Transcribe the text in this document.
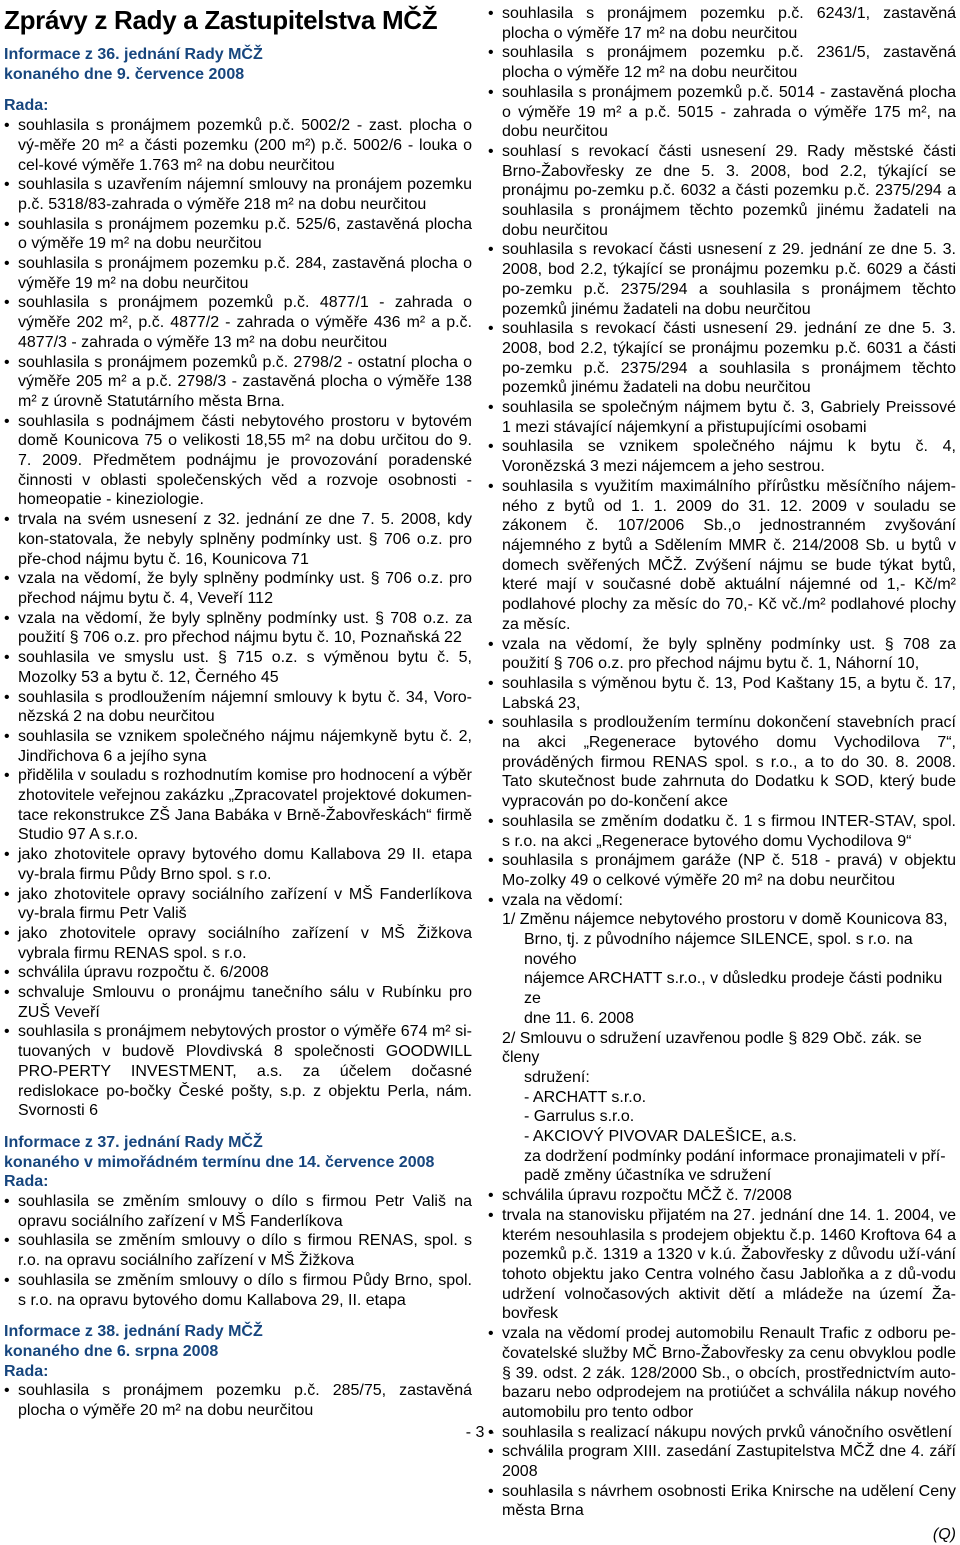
Zprávy z Rady a Zastupitelstva MČŽ
Informace z 36. jednání Rady MČŽ
konaného dne 9. července 2008
Rada:
• souhlasila s pronájmem pozemků p.č. 5002/2 - zast. plocha o vý-měře 20 m² a části pozemku (200 m²) p.č. 5002/6 - louka o cel-kové výměře 1.763 m² na dobu neurčitou
• souhlasila s uzavřením nájemní smlouvy na pronájem pozemku p.č. 5318/83-zahrada o výměře 218 m² na dobu neurčitou
• souhlasila s pronájmem pozemku p.č. 525/6, zastavěná plocha o výměře 19 m² na dobu neurčitou
• souhlasila s pronájmem pozemku p.č. 284, zastavěná plocha o výměře 19 m² na dobu neurčitou
• souhlasila s pronájmem pozemků p.č. 4877/1 - zahrada o výměře 202 m², p.č. 4877/2 - zahrada o výměře 436 m² a p.č. 4877/3 - zahrada o výměře 13 m² na dobu neurčitou
• souhlasila s pronájmem pozemků p.č. 2798/2 - ostatní plocha o výměře 205 m² a p.č. 2798/3 - zastavěná plocha o výměře 138 m² z úrovně Statutárního města Brna.
• souhlasila s podnájmem části nebytového prostoru v bytovém domě Kounicova 75 o velikosti 18,55 m² na dobu určitou do 9. 7. 2009. Předmětem podnájmu je provozování poradenské činnosti v oblasti společenských věd a rozvoje osobnosti - homeopatie - kineziologie.
• trvala na svém usnesení z 32. jednání ze dne 7. 5. 2008, kdy kon-statovala, že nebyly splněny podmínky ust. § 706 o.z. pro pře-chod nájmu bytu č. 16, Kounicova 71
• vzala na vědomí, že byly splněny podmínky ust. § 706 o.z. pro přechod nájmu bytu č. 4, Veveří 112
• vzala na vědomí, že byly splněny podmínky ust. § 708 o.z. za použití § 706 o.z. pro přechod nájmu bytu č. 10, Poznaňská 22
• souhlasila ve smyslu ust. § 715 o.z. s výměnou bytu č. 5, Mozolky 53 a bytu č. 12, Černého 45
• souhlasila s prodloužením nájemní smlouvy k bytu č. 34, Voro-nězská 2 na dobu neurčitou
• souhlasila se vznikem společného nájmu nájemkyně bytu č. 2, Jindřichova 6 a jejího syna
• přidělila v souladu s rozhodnutím komise pro hodnocení a výběr zhotovitele veřejnou zakázku „Zpracovatel projektové dokumen-tace rekonstrukce ZŠ Jana Babáka v Brně-Žabovřeskách“ firmě Studio 97 A s.r.o.
• jako zhotovitele opravy bytového domu Kallabova 29 II. etapa vy-brala firmu Půdy Brno spol. s r.o.
• jako zhotovitele opravy sociálního zařízení v MŠ Fanderlíkova vy-brala firmu Petr Vališ
• jako zhotovitele opravy sociálního zařízení v MŠ Žižkova vybrala firmu RENAS spol. s r.o.
• schválila úpravu rozpočtu č. 6/2008
• schvaluje Smlouvu o pronájmu tanečního sálu v Rubínku pro ZUŠ Veveří
• souhlasila s pronájmem nebytových prostor o výměře 674 m² si-tuovaných v budově Plovdivská 8 společnosti GOODWILL PRO-PERTY INVESTMENT, a.s. za účelem dočasné redislokace po-bočky České pošty, s.p. z objektu Perla, nám. Svornosti 6
Informace z 37. jednání Rady MČŽ
konaného v mimořádném termínu dne 14. července 2008
Rada:
• souhlasila se změním smlouvy o dílo s firmou Petr Vališ na opravu sociálního zařízení v MŠ Fanderlíkova
• souhlasila se změním smlouvy o dílo s firmou RENAS, spol. s r.o. na opravu sociálního zařízení v MŠ Žižkova
• souhlasila se změním smlouvy o dílo s firmou Půdy Brno, spol. s r.o. na opravu bytového domu Kallabova 29, II. etapa
Informace z 38. jednání Rady MČŽ
konaného dne 6. srpna 2008
Rada:
• souhlasila s pronájmem pozemku p.č. 285/75, zastavěná plocha o výměře 20 m² na dobu neurčitou
• souhlasila s pronájmem pozemku p.č. 6243/1, zastavěná plocha o výměře 17 m² na dobu neurčitou
• souhlasila s pronájmem pozemku p.č. 2361/5, zastavěná plocha o výměře 12 m² na dobu neurčitou
• souhlasila s pronájmem pozemků p.č. 5014 - zastavěná plocha o výměře 19 m² a p.č. 5015 - zahrada o výměře 175 m², na dobu neurčitou
• souhlasí s revokací části usnesení 29. Rady městské části Brno-Žabovřesky ze dne 5. 3. 2008, bod 2.2, týkající se pronájmu po-zemku p.č. 6032 a části pozemku p.č. 2375/294 a souhlasila s pronájmem těchto pozemků jinému žadateli na dobu neurčitou
• souhlasila s revokací části usnesení z 29. jednání ze dne 5. 3. 2008, bod 2.2, týkající se pronájmu pozemku p.č. 6029 a části po-zemku p.č. 2375/294 a souhlasila s pronájmem těchto pozemků jinému žadateli na dobu neurčitou
• souhlasila s revokací části usnesení 29. jednání ze dne 5. 3. 2008, bod 2.2, týkající se pronájmu pozemku p.č. 6031 a části po-zemku p.č. 2375/294 a souhlasila s pronájmem těchto pozemků jinému žadateli na dobu neurčitou
• souhlasila se společným nájmem bytu č. 3, Gabriely Preissové 1 mezi stávající nájemkyní a přistupujícími osobami
• souhlasila se vznikem společného nájmu k bytu č. 4, Voronězská 3 mezi nájemcem a jeho sestrou.
• souhlasila s využitím maximálního přírůstku měsíčního nájem-ného z bytů od 1. 1. 2009 do 31. 12. 2009 v souladu se zákonem č. 107/2006 Sb.,o jednostranném zvyšování nájemného z bytů a Sdělením MMR č. 214/2008 Sb. u bytů v domech svěřených MČŽ. Zvýšení nájmu se bude týkat bytů, které mají v současné době aktuální nájemné od 1,- Kč/m² podlahové plochy za měsíc do 70,- Kč vč./m² podlahové plochy za měsíc.
• vzala na vědomí, že byly splněny podmínky ust. § 708 za použití § 706 o.z. pro přechod nájmu bytu č. 1, Náhorní 10,
• souhlasila s výměnou bytu č. 13, Pod Kaštany 15, a bytu č. 17, Labská 23,
• souhlasila s prodloužením termínu dokončení stavebních prací na akci „Regenerace bytového domu Vychodilova 7“, prováděných firmou RENAS spol. s r.o., a to do 30. 8. 2008. Tato skutečnost bude zahrnuta do Dodatku k SOD, který bude vypracován po do-končení akce
• souhlasila se změním dodatku č. 1 s firmou INTER-STAV, spol. s r.o. na akci „Regenerace bytového domu Vychodilova 9“
• souhlasila s pronájmem garáže (NP č. 518 - pravá) v objektu Mo-zolky 49 o celkové výměře 20 m² na dobu neurčitou
• vzala na vědomí:
1/ Změnu nájemce nebytového prostoru v domě Kounicova 83,
Brno, tj. z původního nájemce SILENCE, spol. s r.o. na nového
nájemce ARCHATT s.r.o., v důsledku prodeje části podniku ze
dne 11. 6. 2008
2/ Smlouvu o sdružení uzavřenou podle § 829 Obč. zák. se členy
sdružení:
- ARCHATT s.r.o.
- Garrulus s.r.o.
- AKCIOVÝ PIVOVAR DALEŠICE, a.s.
za dodržení podmínky podání informace pronajimateli v pří-
padě změny účastníka ve sdružení
• schválila úpravu rozpočtu MČŽ č. 7/2008
• trvala na stanovisku přijatém na 27. jednání dne 14. 1. 2004, ve kterém nesouhlasila s prodejem objektu č.p. 1460 Kroftova 64 a pozemků p.č. 1319 a 1320 v k.ú. Žabovřesky z důvodu uží-vání tohoto objektu jako Centra volného času Jabloňka a z dů-vodu udržení volnočasových aktivit dětí a mládeže na území Ža-bovřesk
• vzala na vědomí prodej automobilu Renault Trafic z odboru pe-čovatelské služby MČ Brno-Žabovřesky za cenu obvyklou podle § 39. odst. 2 zák. 128/2000 Sb., o obcích, prostřednictvím auto-bazaru nebo odprodejem na protiúčet a schválila nákup nového automobilu pro tento odbor
• souhlasila s realizací nákupu nových prvků vánočního osvětlení
• schválila program XIII. zasedání Zastupitelstva MČŽ dne 4. září 2008
• souhlasila s návrhem osobnosti Erika Knirsche na udělení Ceny města Brna
(Q)
- 3 -
